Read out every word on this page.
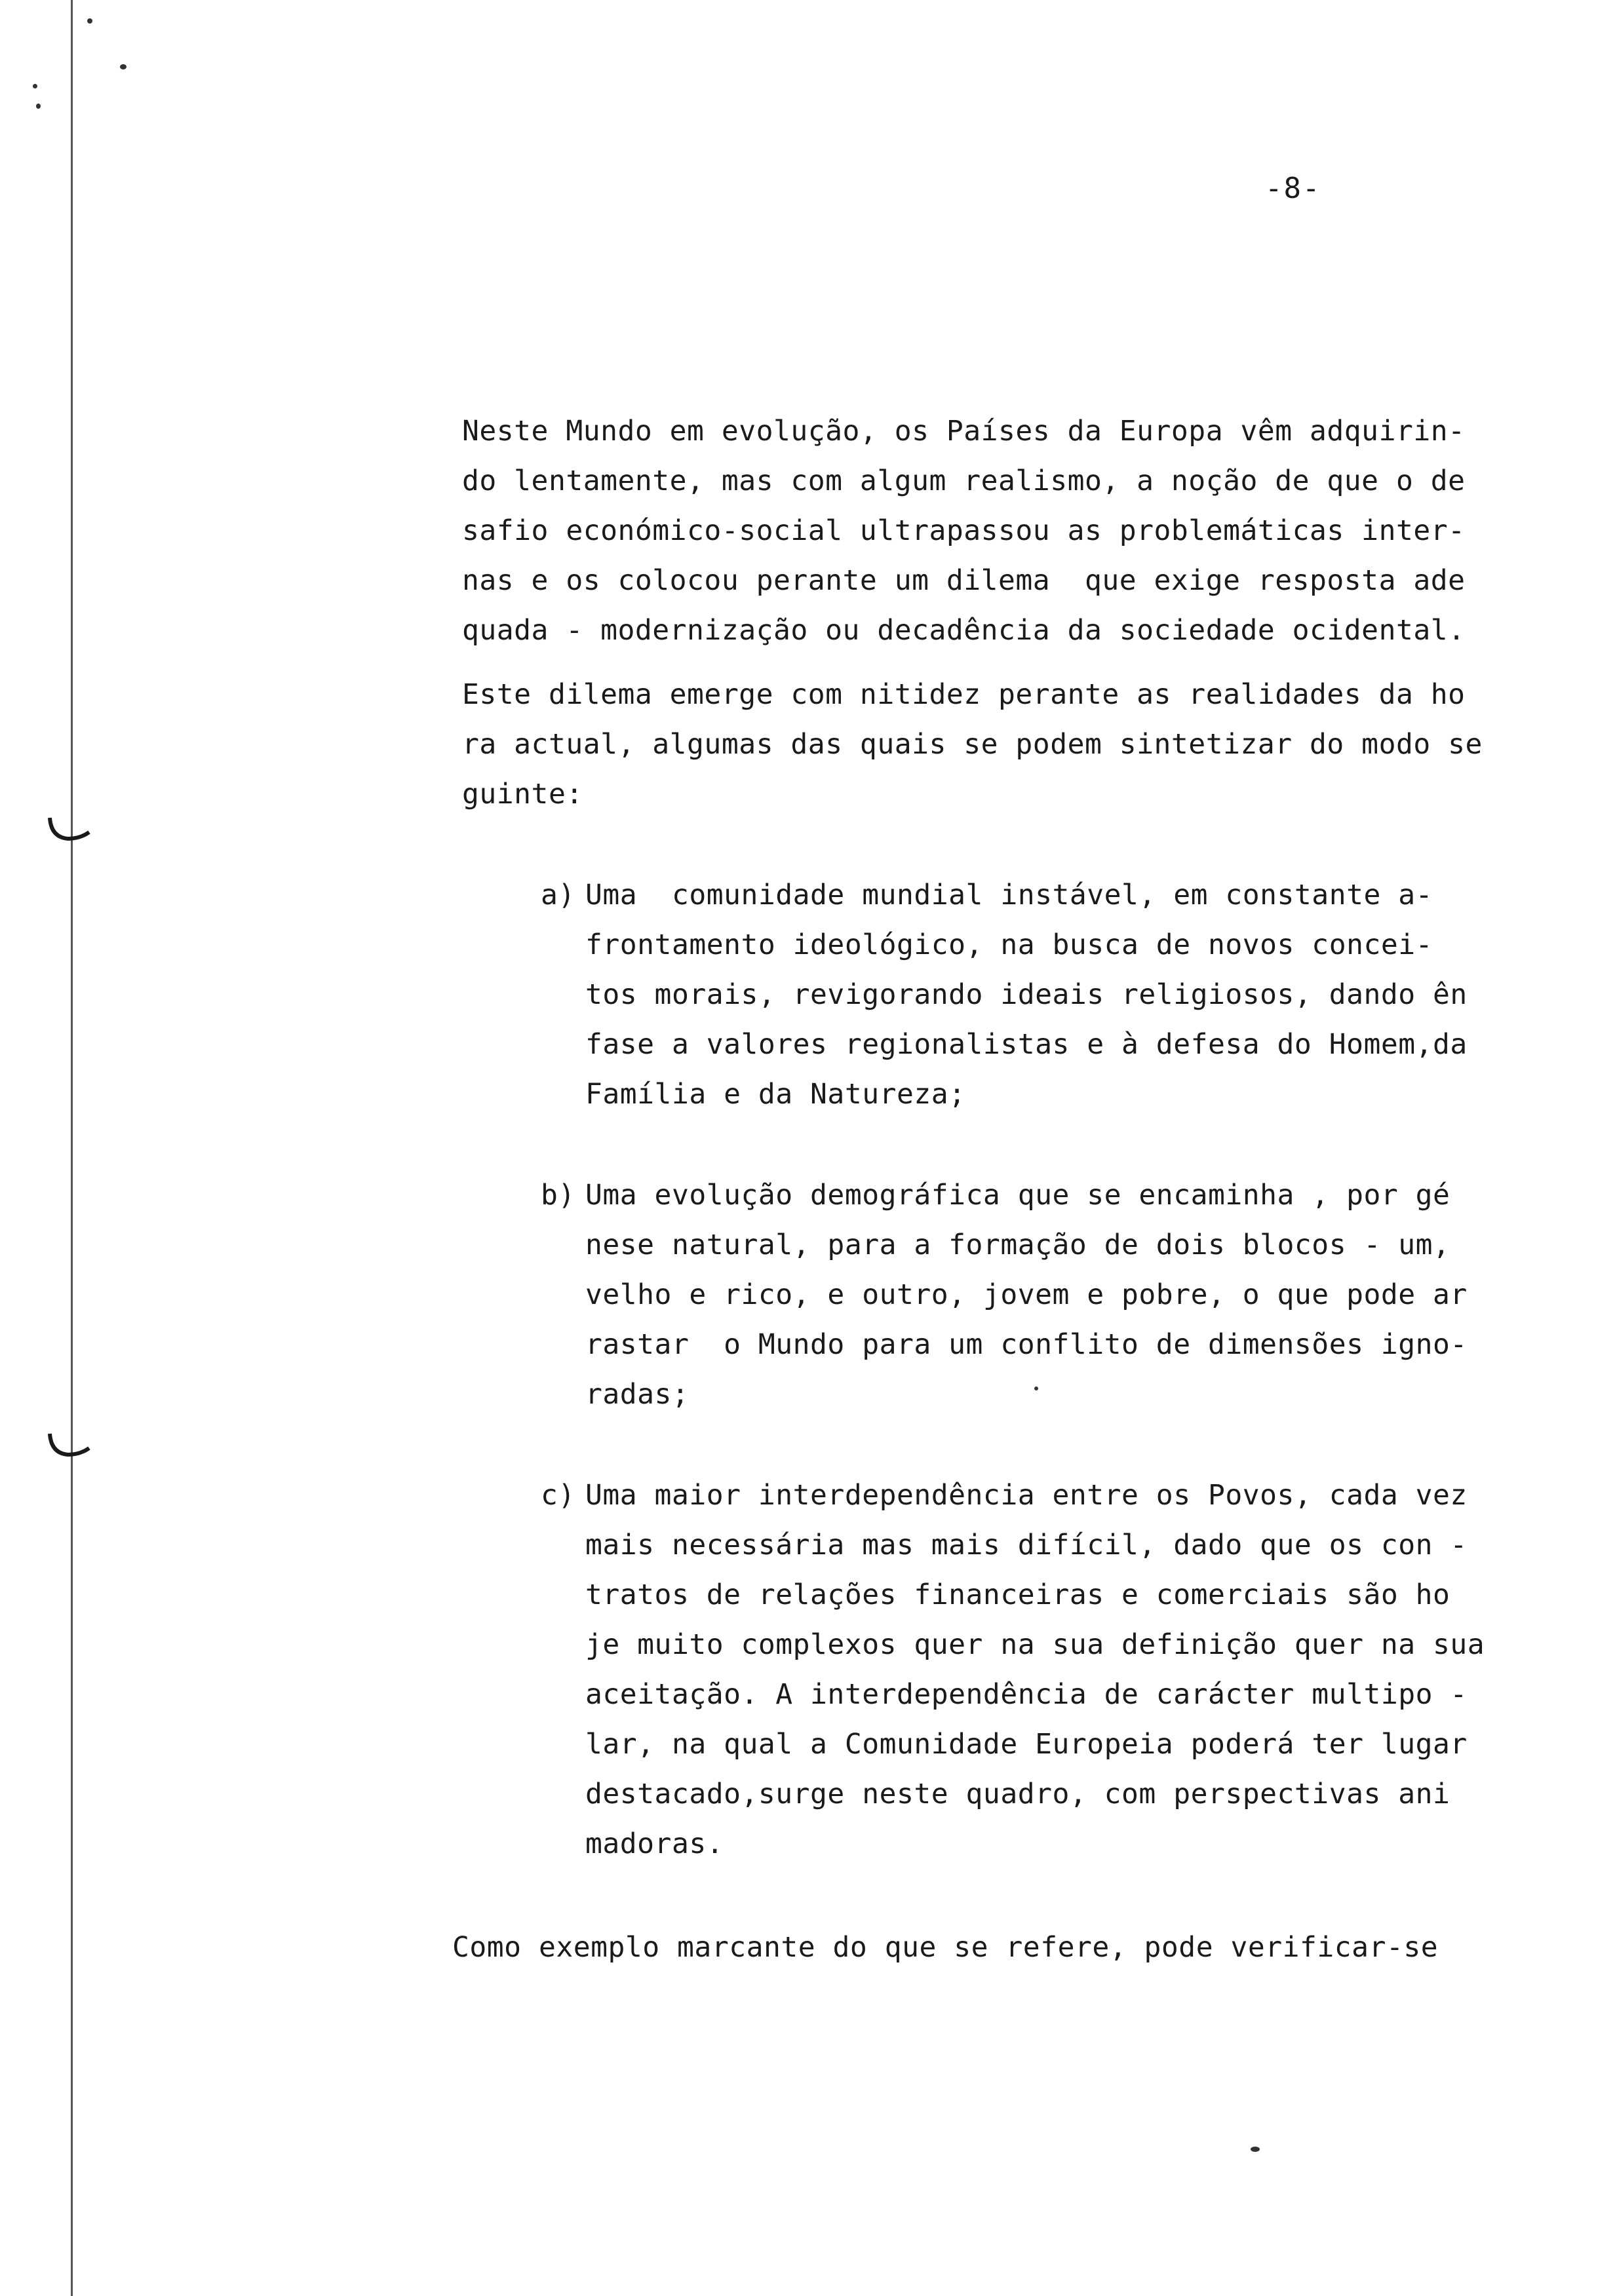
-8-
Neste Mundo em evolução, os Países da Europa vêm adquirin-
do lentamente, mas com algum realismo, a noção de que o de
safio económico-social ultrapassou as problemáticas inter-
nas e os colocou perante um dilema  que exige resposta ade
quada - modernização ou decadência da sociedade ocidental.
Este dilema emerge com nitidez perante as realidades da ho
ra actual, algumas das quais se podem sintetizar do modo se
guinte:
a) Uma  comunidade mundial instável, em constante a-
frontamento ideológico, na busca de novos concei-
tos morais, revigorando ideais religiosos, dando ên
fase a valores regionalistas e à defesa do Homem,da
Família e da Natureza;
b) Uma evolução demográfica que se encaminha , por gé
nese natural, para a formação de dois blocos - um,
velho e rico, e outro, jovem e pobre, o que pode ar
rastar  o Mundo para um conflito de dimensões igno-
radas;
c) Uma maior interdependência entre os Povos, cada vez
mais necessária mas mais difícil, dado que os con -
tratos de relações financeiras e comerciais são ho
je muito complexos quer na sua definição quer na sua
aceitação. A interdependência de carácter multipo -
lar, na qual a Comunidade Europeia poderá ter lugar
destacado,surge neste quadro, com perspectivas ani
madoras.
Como exemplo marcante do que se refere, pode verificar-se
